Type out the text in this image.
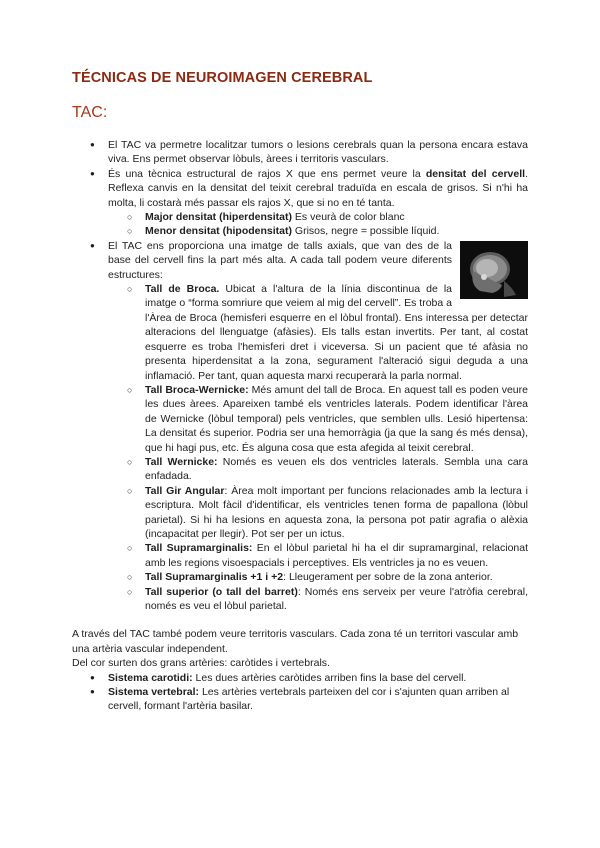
TÉCNICAS DE NEUROIMAGEN CEREBRAL
TAC:
● El TAC va permetre localitzar tumors o lesions cerebrals quan la persona encara estava viva. Ens permet observar lòbuls, àrees i territoris vasculars.
● És una tècnica estructural de rajos X que ens permet veure la densitat del cervell. Reflexa canvis en la densitat del teixit cerebral traduïda en escala de grisos. Si n'hi ha molta, li costarà més passar els rajos X, que si no en té tanta.
○ Major densitat (hiperdensitat) Es veurà de color blanc
○ Menor densitat (hipodensitat) Grisos, negre = possible líquid.
● El TAC ens proporciona una imatge de talls axials, que van des de la base del cervell fins la part més alta. A cada tall podem veure diferents estructures:
○ Tall de Broca. Ubicat a l'altura de la línia discontinua de la imatge o “forma somriure que veiem al mig del cervell”. Es troba a l'Àrea de Broca (hemisferi esquerre en el lòbul frontal). Ens interessa per detectar alteracions del llenguatge (afàsies). Els talls estan invertits. Per tant, al costat esquerre es troba l'hemisferi dret i viceversa. Si un pacient que té afàsia no presenta hiperdensitat a la zona, segurament l'alteració sigui deguda a una inflamació. Per tant, quan aquesta marxi recuperarà la parla normal.
○ Tall Broca-Wernicke: Més amunt del tall de Broca. En aquest tall es poden veure les dues àrees. Apareixen també els ventricles laterals. Podem identificar l'àrea de Wernicke (lòbul temporal) pels ventricles, que semblen ulls. Lesió hipertensa: La densitat és superior. Podria ser una hemorràgia (ja que la sang és més densa), que hi hagi pus, etc. És alguna cosa que esta afegida al teixit cerebral.
○ Tall Wernicke: Només es veuen els dos ventricles laterals. Sembla una cara enfadada.
○ Tall Gir Angular: Àrea molt important per funcions relacionades amb la lectura i escriptura. Molt fàcil d'identificar, els ventricles tenen forma de papallona (lòbul parietal). Si hi ha lesions en aquesta zona, la persona pot patir agrafia o alèxia (incapacitat per llegir). Pot ser per un ictus.
○ Tall Supramarginalis: En el lòbul parietal hi ha el dir supramarginal, relacionat amb les regions visoespacials i perceptives. Els ventricles ja no es veuen.
○ Tall Supramarginalis +1 i +2: Lleugerament per sobre de la zona anterior.
○ Tall superior (o tall del barret): Només ens serveix per veure l'atròfia cerebral, només es veu el lòbul parietal.
A través del TAC també podem veure territoris vasculars. Cada zona té un territori vascular amb una artèria vascular independent.
Del cor surten dos grans artèries: caròtides i vertebrals.
● Sistema carotidi: Les dues artèries caròtides arriben fins la base del cervell.
● Sistema vertebral: Les artèries vertebrals parteixen del cor i s'ajunten quan arriben al cervell, formant l'artèria basilar.
